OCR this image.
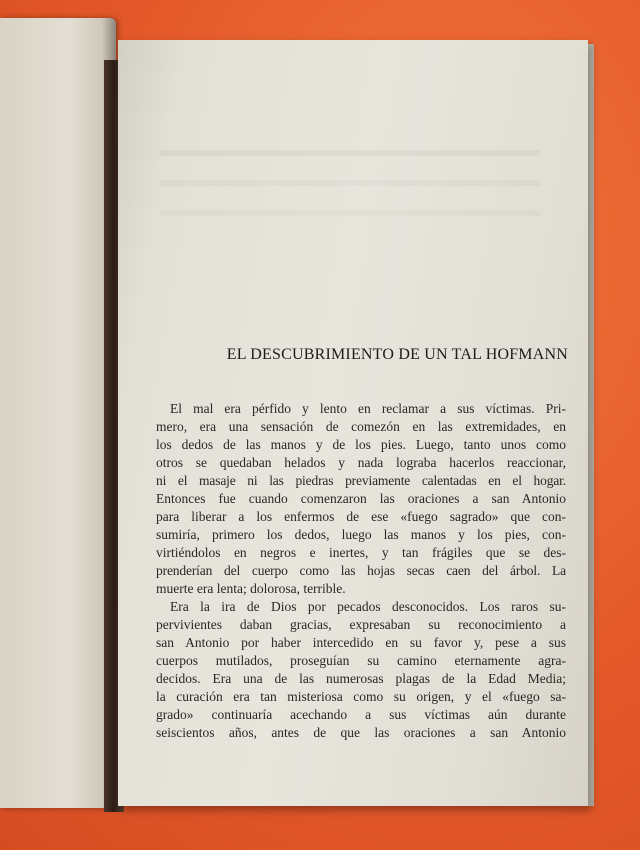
EL DESCUBRIMIENTO DE UN TAL HOFMANN
El mal era pérfido y lento en reclamar a sus víctimas. Pri-
mero, era una sensación de comezón en las extremidades, en
los dedos de las manos y de los pies. Luego, tanto unos como
otros se quedaban helados y nada lograba hacerlos reaccionar,
ni el masaje ni las piedras previamente calentadas en el hogar.
Entonces fue cuando comenzaron las oraciones a san Antonio
para liberar a los enfermos de ese «fuego sagrado» que con-
sumiría, primero los dedos, luego las manos y los pies, con-
virtiéndolos en negros e inertes, y tan frágiles que se des-
prenderían del cuerpo como las hojas secas caen del árbol. La
muerte era lenta; dolorosa, terrible.
Era la ira de Dios por pecados desconocidos. Los raros su-
pervivientes daban gracias, expresaban su reconocimiento a
san Antonio por haber intercedido en su favor y, pese a sus
cuerpos mutilados, proseguían su camino eternamente agra-
decidos. Era una de las numerosas plagas de la Edad Media;
la curación era tan misteriosa como su origen, y el «fuego sa-
grado» continuaría acechando a sus víctimas aún durante
seiscientos años, antes de que las oraciones a san Antonio
